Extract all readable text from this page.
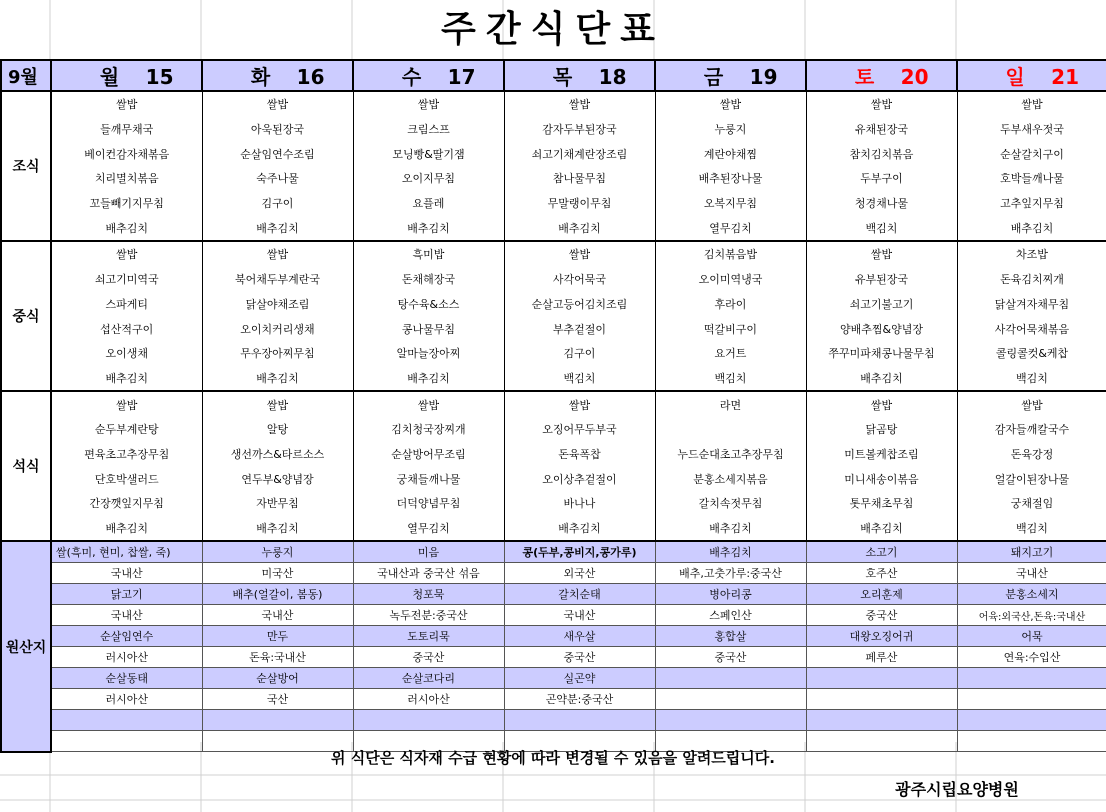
주간식단표
9월	월 15	화 16	수 17	목 18	금 19	토 20	일 21
조식	쌀밥	쌀밥	쌀밥	쌀밥	쌀밥	쌀밥	쌀밥
	들깨무채국	아욱된장국	크림스프	감자두부된장국	누룽지	유채된장국	두부새우젓국
	베이컨감자채볶음	순살임연수조림	모닝빵&딸기잼	쇠고기채계란장조림	계란야채찜	참치김치볶음	순살갈치구이
	치리멸치볶음	숙주나물	오이지무침	참나물무침	배추된장나물	두부구이	호박들깨나물
	꼬들빼기지무침	김구이	요플레	무말랭이무침	오복지무침	청경채나물	고추잎지무침
	배추김치	배추김치	배추김치	배추김치	열무김치	백김치	배추김치
중식	쌀밥	쌀밥	흑미밥	쌀밥	김치볶음밥	쌀밥	차조밥
	쇠고기미역국	북어채두부계란국	돈채해장국	사각어묵국	오이미역냉국	유부된장국	돈육김치찌개
	스파게티	닭살야채조림	탕수육&소스	순살고등어김치조림	후라이	쇠고기불고기	닭살겨자채무침
	섭산적구이	오이치커리생채	콩나물무침	부추겉절이	떡갈비구이	양배추찜&양념장	사각어묵채볶음
	오이생채	무우장아찌무침	알마늘장아찌	김구이	요거트	쭈꾸미파채콩나물무침	콜링콜컷&케찹
	배추김치	배추김치	배추김치	백김치	백김치	배추김치	백김치
석식	쌀밥	쌀밥	쌀밥	쌀밥	라면	쌀밥	쌀밥
	순두부계란탕	알탕	김치청국장찌개	오징어무두부국		닭곰탕	감자들깨칼국수
	편육초고추장무침	생선까스&타르소스	순살방어무조림	돈육폭찹	누드순대초고추장무침	미트볼케찹조림	돈육강정
	단호박샐러드	연두부&양념장	궁채들깨나물	오이상추겉절이	분홍소세지볶음	미니새송이볶음	얼갈이된장나물
	간장깻잎지무침	자반무침	더덕양념무침	바나나	갈치속젓무침	톳무채초무침	궁채절임
	배추김치	배추김치	열무김치	배추김치	배추김치	배추김치	백김치
원산지	쌀(흑미, 현미, 찹쌀, 죽)	누룽지	미음	콩(두부,콩비지,콩가루)	배추김치	소고기	돼지고기
	국내산	미국산	국내산과 중국산 섞음	외국산	배추,고춧가루:중국산	호주산	국내산
	닭고기	배추(얼갈이, 봄동)	청포묵	갈치순태	병아리콩	오리훈제	분홍소세지
	국내산	국내산	녹두전분:중국산	국내산	스페인산	중국산	어육:외국산,돈육:국내산
	순살임연수	만두	도토리묵	새우살	홍합살	대왕오징어귀	어묵
	러시아산	돈육:국내산	중국산	중국산	중국산	페루산	연육:수입산
	순살동태	순살방어	순살코다리	실곤약			
	러시아산	국산	러시아산	곤약분:중국산			

위 식단은 식자재 수급 현황에 따라 변경될 수 있음을 알려드립니다.
광주시립요양병원
